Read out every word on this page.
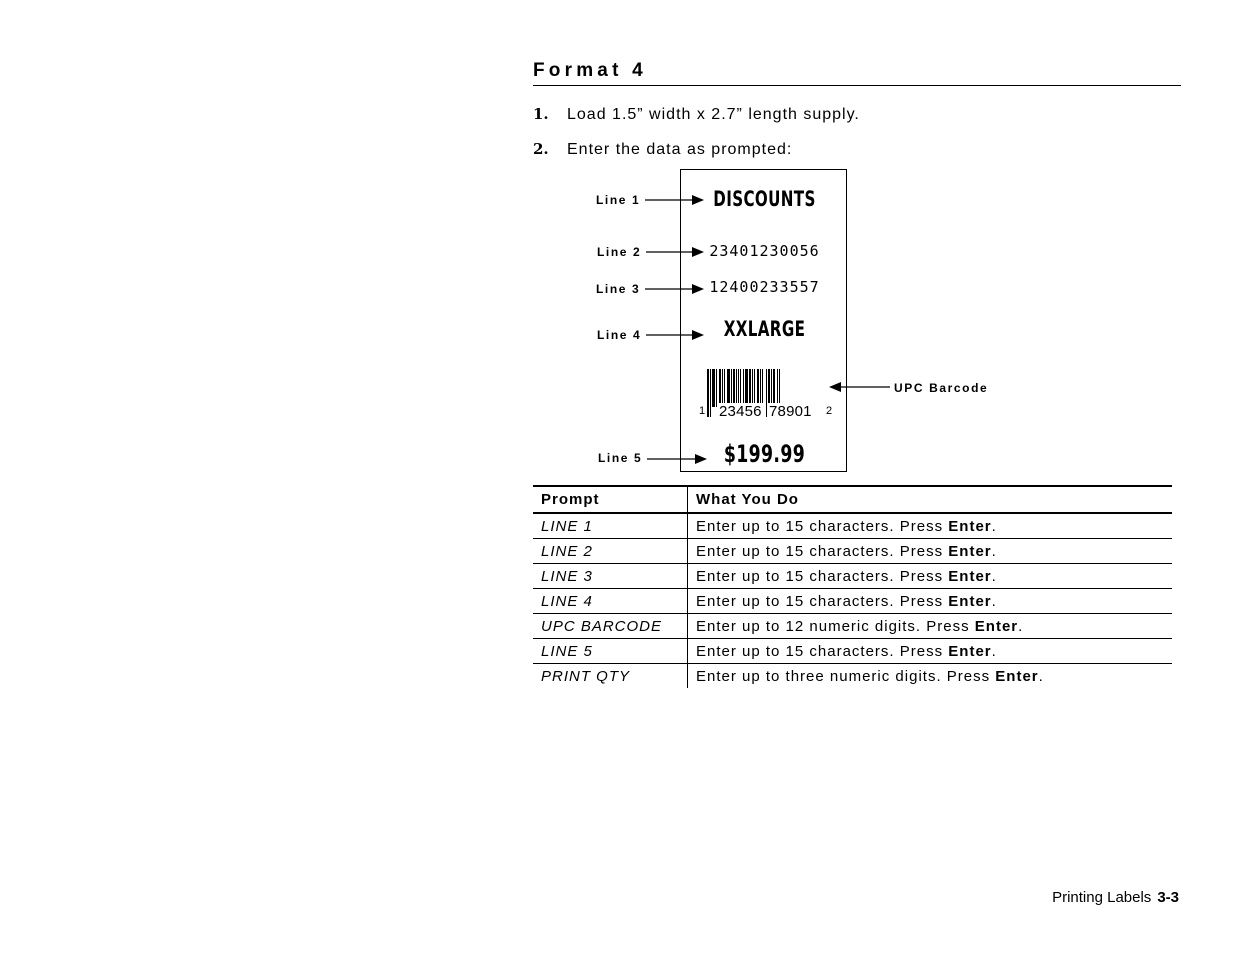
Format 4
1. Load 1.5” width x 2.7” length supply.
2. Enter the data as prompted:
Line 1
Line 2
Line 3
Line 4
Line 5
UPC Barcode
DISCOUNTS
23401230056
12400233557
XXLARGE
1 23456 78901 2
$199.99
Prompt	What You Do
LINE 1	Enter up to 15 characters. Press Enter.
LINE 2	Enter up to 15 characters. Press Enter.
LINE 3	Enter up to 15 characters. Press Enter.
LINE 4	Enter up to 15 characters. Press Enter.
UPC BARCODE	Enter up to 12 numeric digits. Press Enter.
LINE 5	Enter up to 15 characters. Press Enter.
PRINT QTY	Enter up to three numeric digits. Press Enter.
Printing Labels 3-3
